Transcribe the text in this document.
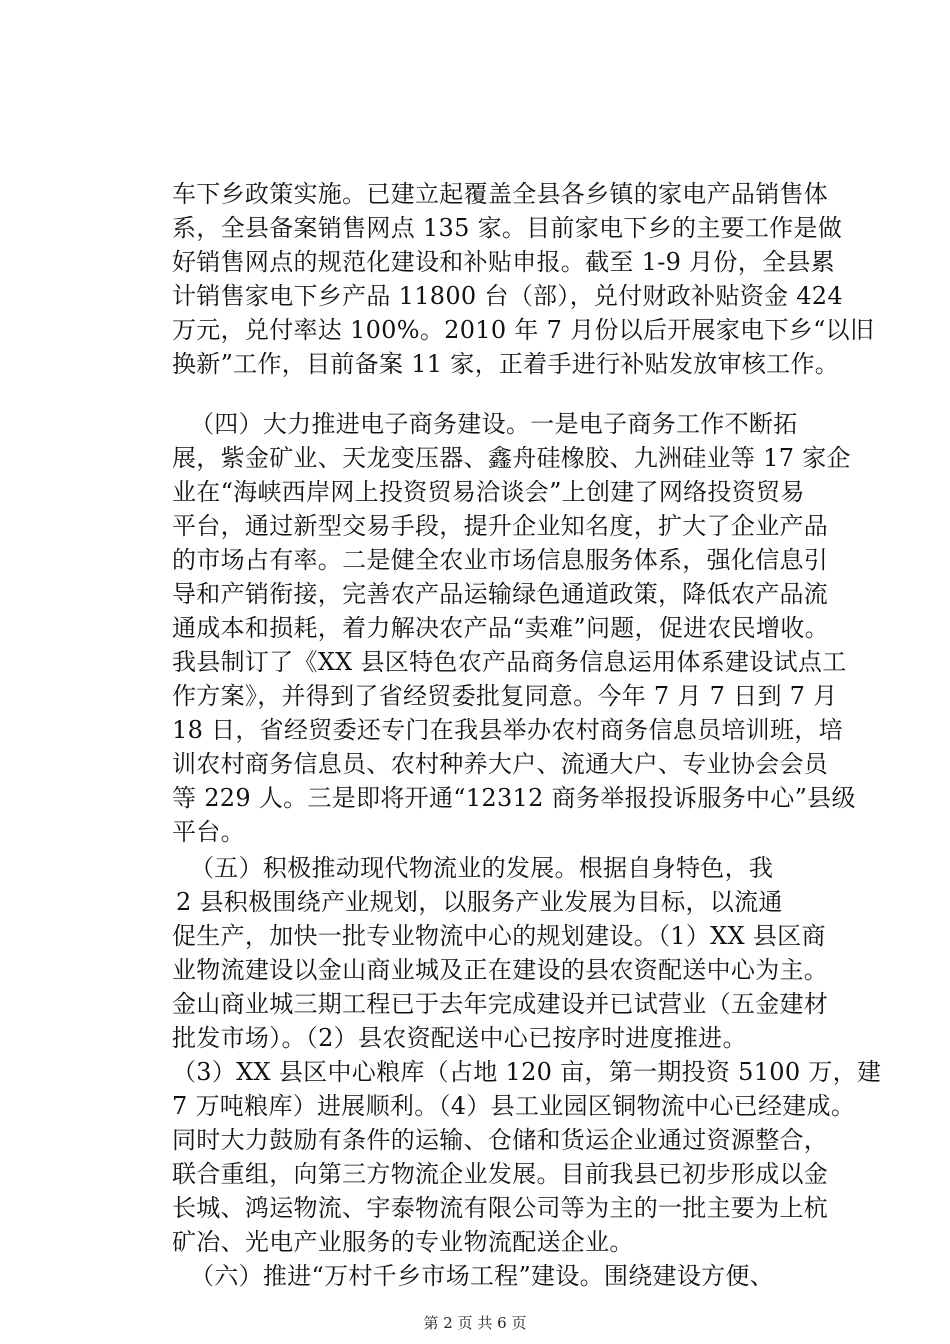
车下乡政策实施。已建立起覆盖全县各乡镇的家电产品销售体
系，全县备案销售网点 135 家。目前家电下乡的主要工作是做
好销售网点的规范化建设和补贴申报。截至 1-9 月份，全县累
计销售家电下乡产品 11800 台（部），兑付财政补贴资金 424
万元，兑付率达 100%。2010 年 7 月份以后开展家电下乡“以旧
换新”工作，目前备案 11 家，正着手进行补贴发放审核工作。
（四）大力推进电子商务建设。一是电子商务工作不断拓
展，紫金矿业、天龙变压器、鑫舟硅橡胶、九洲硅业等 17 家企
业在“海峡西岸网上投资贸易洽谈会”上创建了网络投资贸易
平台，通过新型交易手段，提升企业知名度，扩大了企业产品
的市场占有率。二是健全农业市场信息服务体系，强化信息引
导和产销衔接，完善农产品运输绿色通道政策，降低农产品流
通成本和损耗，着力解决农产品“卖难”问题，促进农民增收。
我县制订了《XX 县区特色农产品商务信息运用体系建设试点工
作方案》，并得到了省经贸委批复同意。今年 7 月 7 日到 7 月
18 日，省经贸委还专门在我县举办农村商务信息员培训班，培
训农村商务信息员、农村种养大户、流通大户、专业协会会员
等 229 人。三是即将开通“12312 商务举报投诉服务中心”县级
平台。
（五）积极推动现代物流业的发展。根据自身特色，我
2 县积极围绕产业规划，以服务产业发展为目标，以流通
促生产，加快一批专业物流中心的规划建设。（1）XX 县区商
业物流建设以金山商业城及正在建设的县农资配送中心为主。
金山商业城三期工程已于去年完成建设并已试营业（五金建材
批发市场）。（2）县农资配送中心已按序时进度推进。
（3）XX 县区中心粮库（占地 120 亩，第一期投资 5100 万，建
7 万吨粮库）进展顺利。（4）县工业园区铜物流中心已经建成。
同时大力鼓励有条件的运输、仓储和货运企业通过资源整合，
联合重组，向第三方物流企业发展。目前我县已初步形成以金
长城、鸿运物流、宇泰物流有限公司等为主的一批主要为上杭
矿冶、光电产业服务的专业物流配送企业。
（六）推进“万村千乡市场工程”建设。围绕建设方便、
第 2 页 共 6 页
